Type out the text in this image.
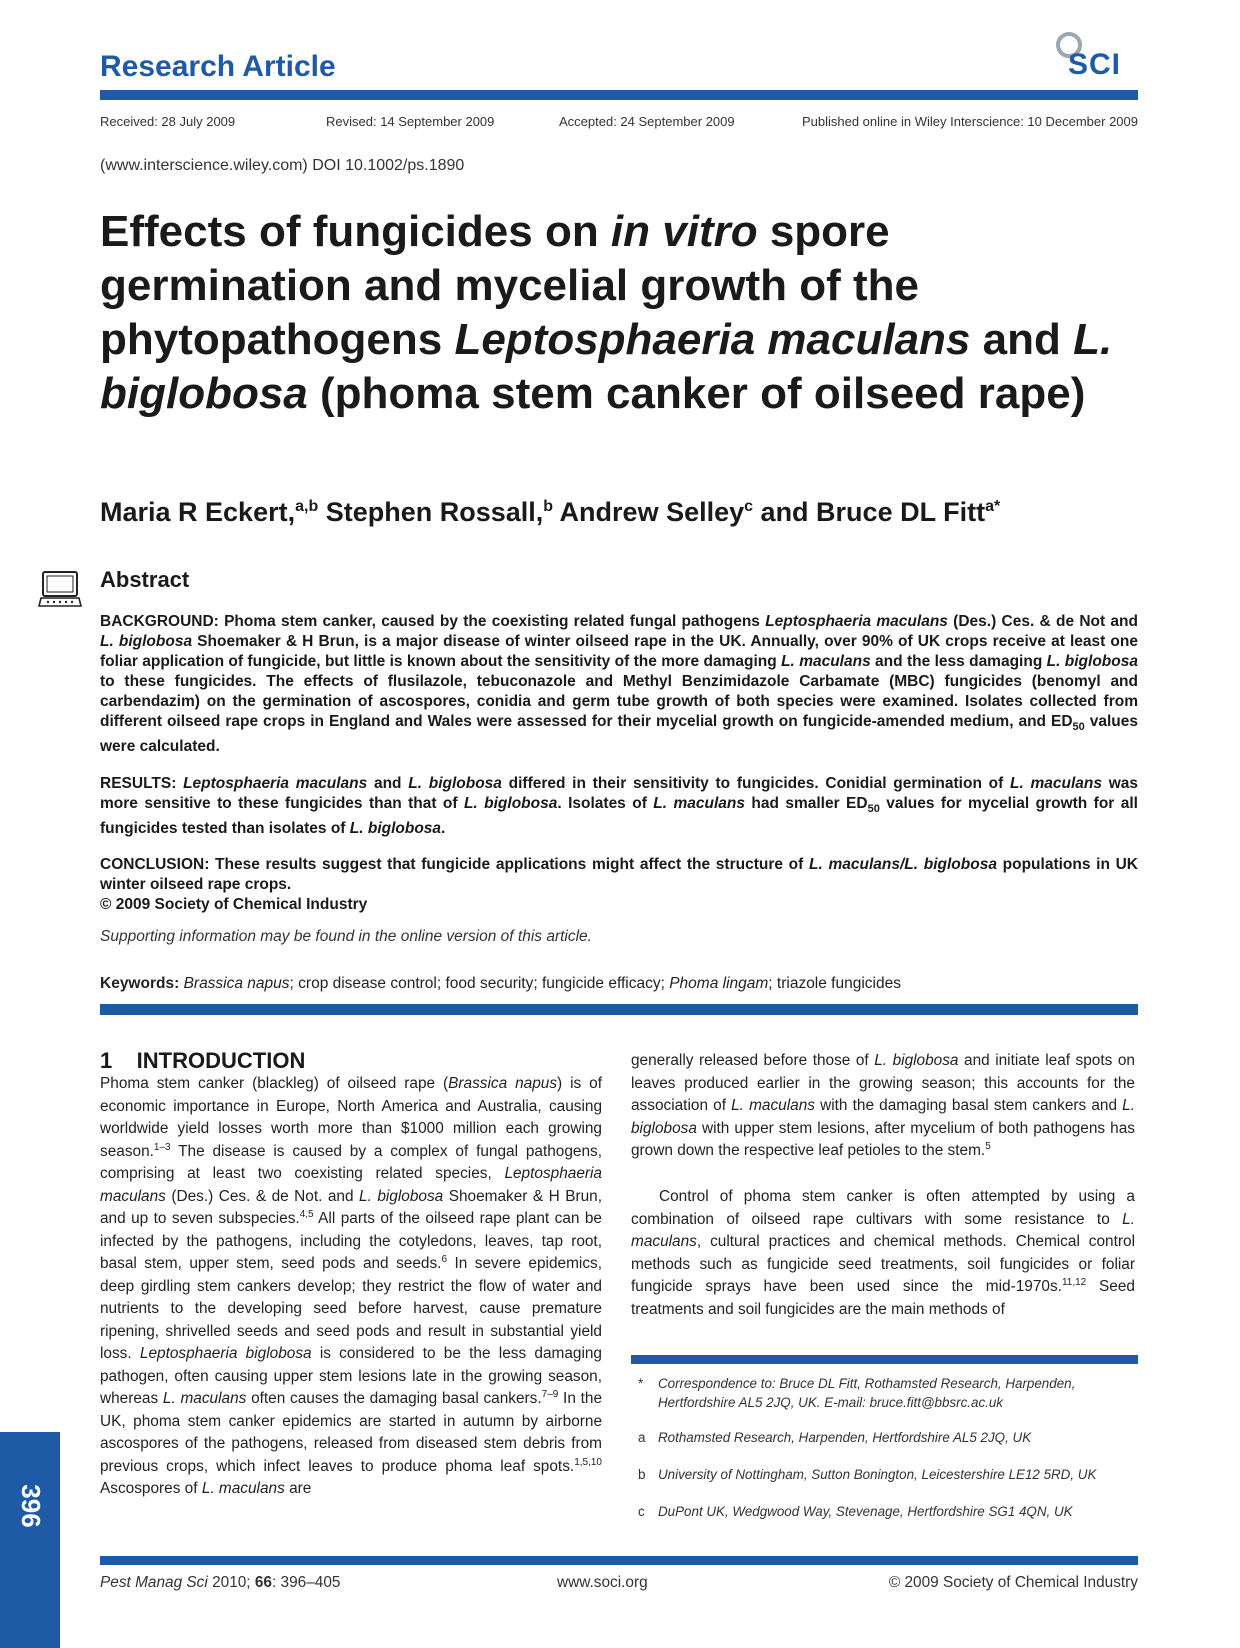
Research Article	SCI
Received: 28 July 2009	Revised: 14 September 2009	Accepted: 24 September 2009	Published online in Wiley Interscience: 10 December 2009
(www.interscience.wiley.com) DOI 10.1002/ps.1890
Effects of fungicides on in vitro spore germination and mycelial growth of the phytopathogens Leptosphaeria maculans and L. biglobosa (phoma stem canker of oilseed rape)
Maria R Eckert,$^{a,b}$ Stephen Rossall,$^b$ Andrew Selley$^c$ and Bruce DL Fitt$^{a*}$
Abstract

BACKGROUND: Phoma stem canker, caused by the coexisting related fungal pathogens Leptosphaeria maculans (Des.) Ces. & de Not and L. biglobosa Shoemaker & H Brun, is a major disease of winter oilseed rape in the UK. Annually, over 90% of UK crops receive at least one foliar application of fungicide, but little is known about the sensitivity of the more damaging L. maculans and the less damaging L. biglobosa to these fungicides. The effects of flusilazole, tebuconazole and Methyl Benzimidazole Carbamate (MBC) fungicides (benomyl and carbendazim) on the germination of ascospores, conidia and germ tube growth of both species were examined. Isolates collected from different oilseed rape crops in England and Wales were assessed for their mycelial growth on fungicide-amended medium, and $ED_{50}$ values were calculated.

RESULTS: Leptosphaeria maculans and L. biglobosa differed in their sensitivity to fungicides. Conidial germination of L. maculans was more sensitive to these fungicides than that of L. biglobosa. Isolates of L. maculans had smaller $ED_{50}$ values for mycelial growth for all fungicides tested than isolates of L. biglobosa.

CONCLUSION: These results suggest that fungicide applications might affect the structure of L. maculans/L. biglobosa populations in UK winter oilseed rape crops.
© 2009 Society of Chemical Industry

Supporting information may be found in the online version of this article.
Keywords: Brassica napus; crop disease control; food security; fungicide efficacy; Phoma lingam; triazole fungicides
1    INTRODUCTION

Phoma stem canker (blackleg) of oilseed rape (Brassica napus) is of economic importance in Europe, North America and Australia, causing worldwide yield losses worth more than $1000 million each growing season.$^{1-3}$ The disease is caused by a complex of fungal pathogens, comprising at least two coexisting related species, Leptosphaeria maculans (Des.) Ces. & de Not. and L. biglobosa Shoemaker & H Brun, and up to seven subspecies.$^{4,5}$ All parts of the oilseed rape plant can be infected by the pathogens, including the cotyledons, leaves, tap root, basal stem, upper stem, seed pods and seeds.$^6$ In severe epidemics, deep girdling stem cankers develop; they restrict the flow of water and nutrients to the developing seed before harvest, cause premature ripening, shrivelled seeds and seed pods and result in substantial yield loss. Leptosphaeria biglobosa is considered to be the less damaging pathogen, often causing upper stem lesions late in the growing season, whereas L. maculans often causes the damaging basal cankers.$^{7-9}$ In the UK, phoma stem canker epidemics are started in autumn by airborne ascospores of the pathogens, released from diseased stem debris from previous crops, which infect leaves to produce phoma leaf spots.$^{1,5,10}$ Ascospores of L. maculans are

generally released before those of L. biglobosa and initiate leaf spots on leaves produced earlier in the growing season; this accounts for the association of L. maculans with the damaging basal stem cankers and L. biglobosa with upper stem lesions, after mycelium of both pathogens has grown down the respective leaf petioles to the stem.$^5$

Control of phoma stem canker is often attempted by using a combination of oilseed rape cultivars with some resistance to L. maculans, cultural practices and chemical methods. Chemical control methods such as fungicide seed treatments, soil fungicides or foliar fungicide sprays have been used since the mid-1970s.$^{11,12}$ Seed treatments and soil fungicides are the main methods of

* Correspondence to: Bruce DL Fitt, Rothamsted Research, Harpenden, Hertfordshire AL5 2JQ, UK. E-mail: bruce.fitt@bbsrc.ac.uk
a Rothamsted Research, Harpenden, Hertfordshire AL5 2JQ, UK
b University of Nottingham, Sutton Bonington, Leicestershire LE12 5RD, UK
c DuPont UK, Wedgwood Way, Stevenage, Hertfordshire SG1 4QN, UK
396
Pest Manag Sci 2010; 66: 396–405	www.soci.org	© 2009 Society of Chemical Industry
